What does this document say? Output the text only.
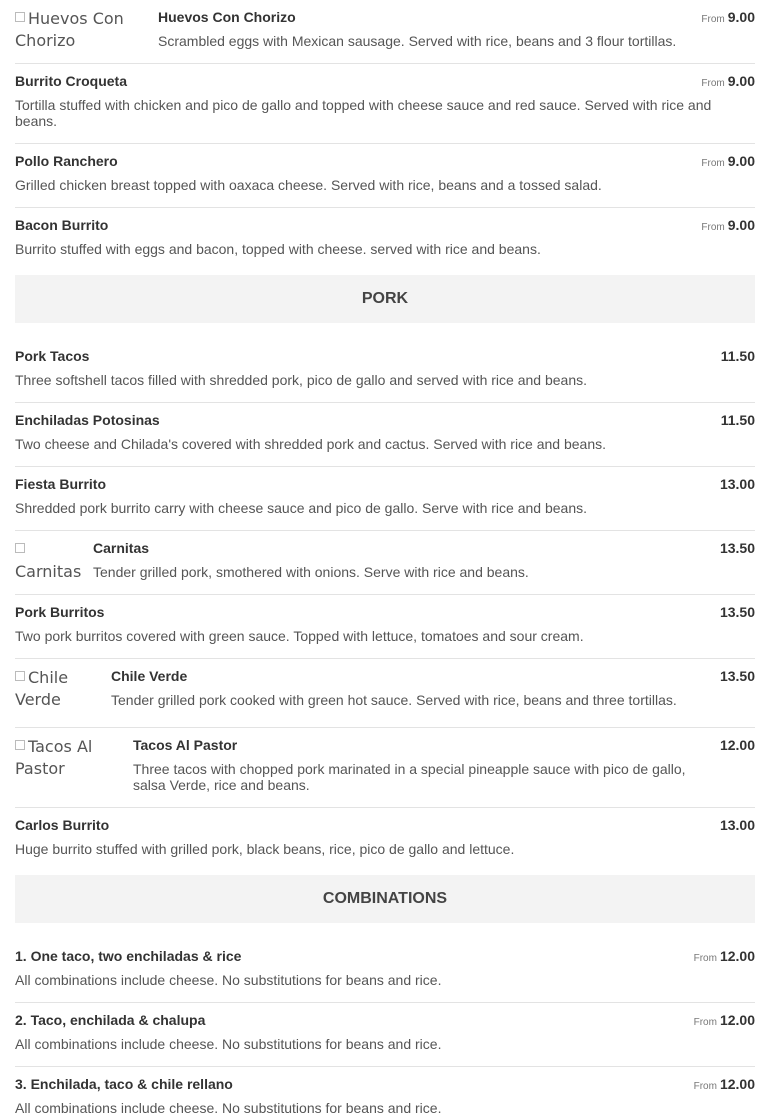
Huevos Con Chorizo
Huevos Con Chorizo
Scrambled eggs with Mexican sausage. Served with rice, beans and 3 flour tortillas.
From 9.00
Burrito Croqueta
Tortilla stuffed with chicken and pico de gallo and topped with cheese sauce and red sauce. Served with rice and beans.
From 9.00
Pollo Ranchero
Grilled chicken breast topped with oaxaca cheese. Served with rice, beans and a tossed salad.
From 9.00
Bacon Burrito
Burrito stuffed with eggs and bacon, topped with cheese. served with rice and beans.
From 9.00
PORK
Pork Tacos
Three softshell tacos filled with shredded pork, pico de gallo and served with rice and beans.
11.50
Enchiladas Potosinas
Two cheese and Chilada's covered with shredded pork and cactus. Served with rice and beans.
11.50
Fiesta Burrito
Shredded pork burrito carry with cheese sauce and pico de gallo. Serve with rice and beans.
13.00

Carnitas
Carnitas
Tender grilled pork, smothered with onions. Serve with rice and beans.
13.50
Pork Burritos
Two pork burritos covered with green sauce. Topped with lettuce, tomatoes and sour cream.
13.50
Chile Verde
Chile Verde
Tender grilled pork cooked with green hot sauce. Served with rice, beans and three tortillas.
13.50
Tacos Al Pastor
Tacos Al Pastor
Three tacos with chopped pork marinated in a special pineapple sauce with pico de gallo, salsa Verde, rice and beans.
12.00
Carlos Burrito
Huge burrito stuffed with grilled pork, black beans, rice, pico de gallo and lettuce.
13.00
COMBINATIONS
1. One taco, two enchiladas & rice
All combinations include cheese. No substitutions for beans and rice.
From 12.00
2. Taco, enchilada & chalupa
All combinations include cheese. No substitutions for beans and rice.
From 12.00
3. Enchilada, taco & chile rellano
All combinations include cheese. No substitutions for beans and rice.
From 12.00
